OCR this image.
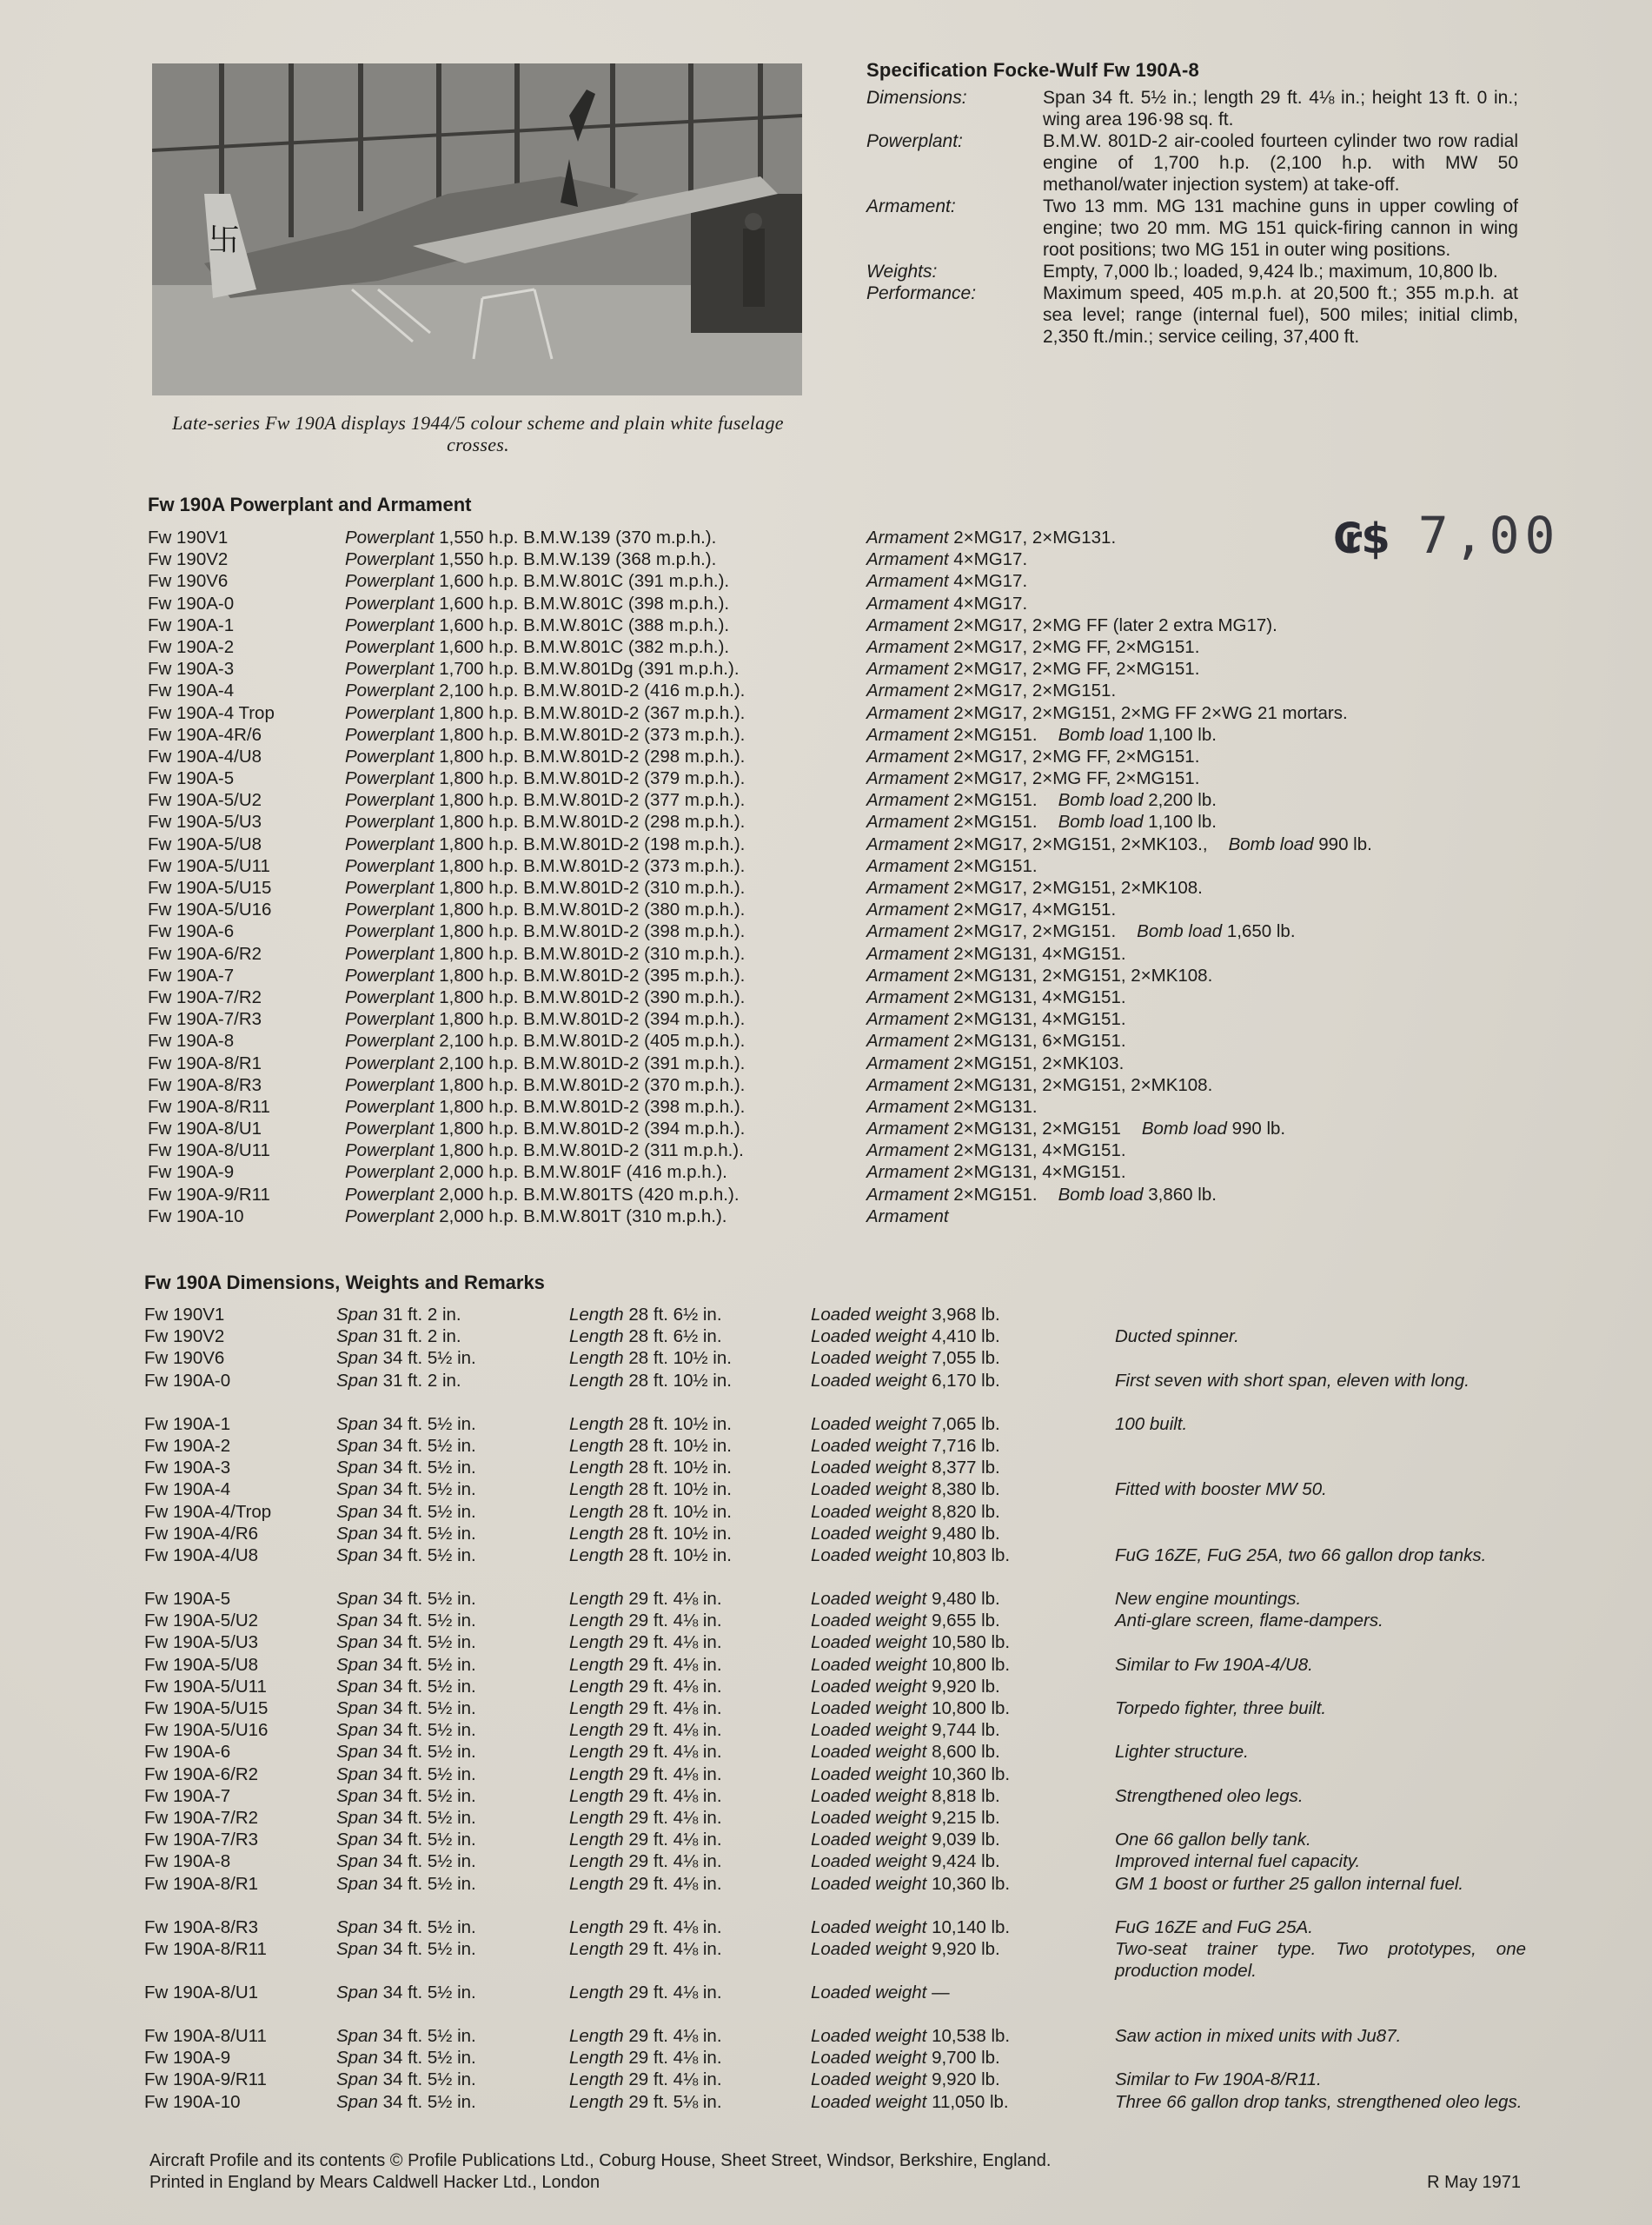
卐
Late-series Fw 190A displays 1944/5 colour scheme and plain white fuselage crosses.
Specification Focke-Wulf Fw 190A-8
Dimensions:	Span 34 ft. 5½ in.; length 29 ft. 4⅛ in.; height 13 ft. 0 in.; wing area 196·98 sq. ft.
Powerplant:	B.M.W. 801D-2 air-cooled fourteen cylinder two row radial engine of 1,700 h.p. (2,100 h.p. with MW 50 methanol/water injection system) at take-off.
Armament:	Two 13 mm. MG 131 machine guns in upper cowling of engine; two 20 mm. MG 151 quick-firing cannon in wing root positions; two MG 151 in outer wing positions.
Weights:	Empty, 7,000 lb.; loaded, 9,424 lb.; maximum, 10,800 lb.
Performance:	Maximum speed, 405 m.p.h. at 20,500 ft.; 355 m.p.h. at sea level; range (internal fuel), 500 miles; initial climb, 2,350 ft./min.; service ceiling, 37,400 ft.
₢$ 7,00
Fw 190A Powerplant and Armament
Fw 190V1	Powerplant 1,550 h.p. B.M.W.139 (370 m.p.h.).	Armament 2×MG17, 2×MG131.
Fw 190V2	Powerplant 1,550 h.p. B.M.W.139 (368 m.p.h.).	Armament 4×MG17.
Fw 190V6	Powerplant 1,600 h.p. B.M.W.801C (391 m.p.h.).	Armament 4×MG17.
Fw 190A-0	Powerplant 1,600 h.p. B.M.W.801C (398 m.p.h.).	Armament 4×MG17.
Fw 190A-1	Powerplant 1,600 h.p. B.M.W.801C (388 m.p.h.).	Armament 2×MG17, 2×MG FF (later 2 extra MG17).
Fw 190A-2	Powerplant 1,600 h.p. B.M.W.801C (382 m.p.h.).	Armament 2×MG17, 2×MG FF, 2×MG151.
Fw 190A-3	Powerplant 1,700 h.p. B.M.W.801Dg (391 m.p.h.).	Armament 2×MG17, 2×MG FF, 2×MG151.
Fw 190A-4	Powerplant 2,100 h.p. B.M.W.801D-2 (416 m.p.h.).	Armament 2×MG17, 2×MG151.
Fw 190A-4 Trop	Powerplant 1,800 h.p. B.M.W.801D-2 (367 m.p.h.).	Armament 2×MG17, 2×MG151, 2×MG FF 2×WG 21 mortars.
Fw 190A-4R/6	Powerplant 1,800 h.p. B.M.W.801D-2 (373 m.p.h.).	Armament 2×MG151. Bomb load 1,100 lb.
Fw 190A-4/U8	Powerplant 1,800 h.p. B.M.W.801D-2 (298 m.p.h.).	Armament 2×MG17, 2×MG FF, 2×MG151.
Fw 190A-5	Powerplant 1,800 h.p. B.M.W.801D-2 (379 m.p.h.).	Armament 2×MG17, 2×MG FF, 2×MG151.
Fw 190A-5/U2	Powerplant 1,800 h.p. B.M.W.801D-2 (377 m.p.h.).	Armament 2×MG151. Bomb load 2,200 lb.
Fw 190A-5/U3	Powerplant 1,800 h.p. B.M.W.801D-2 (298 m.p.h.).	Armament 2×MG151. Bomb load 1,100 lb.
Fw 190A-5/U8	Powerplant 1,800 h.p. B.M.W.801D-2 (198 m.p.h.).	Armament 2×MG17, 2×MG151, 2×MK103., Bomb load 990 lb.
Fw 190A-5/U11	Powerplant 1,800 h.p. B.M.W.801D-2 (373 m.p.h.).	Armament 2×MG151.
Fw 190A-5/U15	Powerplant 1,800 h.p. B.M.W.801D-2 (310 m.p.h.).	Armament 2×MG17, 2×MG151, 2×MK108.
Fw 190A-5/U16	Powerplant 1,800 h.p. B.M.W.801D-2 (380 m.p.h.).	Armament 2×MG17, 4×MG151.
Fw 190A-6	Powerplant 1,800 h.p. B.M.W.801D-2 (398 m.p.h.).	Armament 2×MG17, 2×MG151. Bomb load 1,650 lb.
Fw 190A-6/R2	Powerplant 1,800 h.p. B.M.W.801D-2 (310 m.p.h.).	Armament 2×MG131, 4×MG151.
Fw 190A-7	Powerplant 1,800 h.p. B.M.W.801D-2 (395 m.p.h.).	Armament 2×MG131, 2×MG151, 2×MK108.
Fw 190A-7/R2	Powerplant 1,800 h.p. B.M.W.801D-2 (390 m.p.h.).	Armament 2×MG131, 4×MG151.
Fw 190A-7/R3	Powerplant 1,800 h.p. B.M.W.801D-2 (394 m.p.h.).	Armament 2×MG131, 4×MG151.
Fw 190A-8	Powerplant 2,100 h.p. B.M.W.801D-2 (405 m.p.h.).	Armament 2×MG131, 6×MG151.
Fw 190A-8/R1	Powerplant 2,100 h.p. B.M.W.801D-2 (391 m.p.h.).	Armament 2×MG151, 2×MK103.
Fw 190A-8/R3	Powerplant 1,800 h.p. B.M.W.801D-2 (370 m.p.h.).	Armament 2×MG131, 2×MG151, 2×MK108.
Fw 190A-8/R11	Powerplant 1,800 h.p. B.M.W.801D-2 (398 m.p.h.).	Armament 2×MG131.
Fw 190A-8/U1	Powerplant 1,800 h.p. B.M.W.801D-2 (394 m.p.h.).	Armament 2×MG131, 2×MG151 Bomb load 990 lb.
Fw 190A-8/U11	Powerplant 1,800 h.p. B.M.W.801D-2 (311 m.p.h.).	Armament 2×MG131, 4×MG151.
Fw 190A-9	Powerplant 2,000 h.p. B.M.W.801F (416 m.p.h.).	Armament 2×MG131, 4×MG151.
Fw 190A-9/R11	Powerplant 2,000 h.p. B.M.W.801TS (420 m.p.h.).	Armament 2×MG151. Bomb load 3,860 lb.
Fw 190A-10	Powerplant 2,000 h.p. B.M.W.801T (310 m.p.h.).	Armament
Fw 190A Dimensions, Weights and Remarks
Fw 190V1	Span 31 ft. 2 in.	Length 28 ft. 6½ in.	Loaded weight 3,968 lb.
Fw 190V2	Span 31 ft. 2 in.	Length 28 ft. 6½ in.	Loaded weight 4,410 lb.	Ducted spinner.
Fw 190V6	Span 34 ft. 5½ in.	Length 28 ft. 10½ in.	Loaded weight 7,055 lb.
Fw 190A-0	Span 31 ft. 2 in.	Length 28 ft. 10½ in.	Loaded weight 6,170 lb.	First seven with short span, eleven with long.
Fw 190A-1	Span 34 ft. 5½ in.	Length 28 ft. 10½ in.	Loaded weight 7,065 lb.	100 built.
Fw 190A-2	Span 34 ft. 5½ in.	Length 28 ft. 10½ in.	Loaded weight 7,716 lb.
Fw 190A-3	Span 34 ft. 5½ in.	Length 28 ft. 10½ in.	Loaded weight 8,377 lb.
Fw 190A-4	Span 34 ft. 5½ in.	Length 28 ft. 10½ in.	Loaded weight 8,380 lb.	Fitted with booster MW 50.
Fw 190A-4/Trop	Span 34 ft. 5½ in.	Length 28 ft. 10½ in.	Loaded weight 8,820 lb.
Fw 190A-4/R6	Span 34 ft. 5½ in.	Length 28 ft. 10½ in.	Loaded weight 9,480 lb.
Fw 190A-4/U8	Span 34 ft. 5½ in.	Length 28 ft. 10½ in.	Loaded weight 10,803 lb.	FuG 16ZE, FuG 25A, two 66 gallon drop tanks.
Fw 190A-5	Span 34 ft. 5½ in.	Length 29 ft. 4⅛ in.	Loaded weight 9,480 lb.	New engine mountings.
Fw 190A-5/U2	Span 34 ft. 5½ in.	Length 29 ft. 4⅛ in.	Loaded weight 9,655 lb.	Anti-glare screen, flame-dampers.
Fw 190A-5/U3	Span 34 ft. 5½ in.	Length 29 ft. 4⅛ in.	Loaded weight 10,580 lb.
Fw 190A-5/U8	Span 34 ft. 5½ in.	Length 29 ft. 4⅛ in.	Loaded weight 10,800 lb.	Similar to Fw 190A-4/U8.
Fw 190A-5/U11	Span 34 ft. 5½ in.	Length 29 ft. 4⅛ in.	Loaded weight 9,920 lb.
Fw 190A-5/U15	Span 34 ft. 5½ in.	Length 29 ft. 4⅛ in.	Loaded weight 10,800 lb.	Torpedo fighter, three built.
Fw 190A-5/U16	Span 34 ft. 5½ in.	Length 29 ft. 4⅛ in.	Loaded weight 9,744 lb.
Fw 190A-6	Span 34 ft. 5½ in.	Length 29 ft. 4⅛ in.	Loaded weight 8,600 lb.	Lighter structure.
Fw 190A-6/R2	Span 34 ft. 5½ in.	Length 29 ft. 4⅛ in.	Loaded weight 10,360 lb.
Fw 190A-7	Span 34 ft. 5½ in.	Length 29 ft. 4⅛ in.	Loaded weight 8,818 lb.	Strengthened oleo legs.
Fw 190A-7/R2	Span 34 ft. 5½ in.	Length 29 ft. 4⅛ in.	Loaded weight 9,215 lb.
Fw 190A-7/R3	Span 34 ft. 5½ in.	Length 29 ft. 4⅛ in.	Loaded weight 9,039 lb.	One 66 gallon belly tank.
Fw 190A-8	Span 34 ft. 5½ in.	Length 29 ft. 4⅛ in.	Loaded weight 9,424 lb.	Improved internal fuel capacity.
Fw 190A-8/R1	Span 34 ft. 5½ in.	Length 29 ft. 4⅛ in.	Loaded weight 10,360 lb.	GM 1 boost or further 25 gallon internal fuel.
Fw 190A-8/R3	Span 34 ft. 5½ in.	Length 29 ft. 4⅛ in.	Loaded weight 10,140 lb.	FuG 16ZE and FuG 25A.
Fw 190A-8/R11	Span 34 ft. 5½ in.	Length 29 ft. 4⅛ in.	Loaded weight 9,920 lb.	Two-seat trainer type. Two prototypes, one production model.
Fw 190A-8/U1	Span 34 ft. 5½ in.	Length 29 ft. 4⅛ in.	Loaded weight —
Fw 190A-8/U11	Span 34 ft. 5½ in.	Length 29 ft. 4⅛ in.	Loaded weight 10,538 lb.	Saw action in mixed units with Ju87.
Fw 190A-9	Span 34 ft. 5½ in.	Length 29 ft. 4⅛ in.	Loaded weight 9,700 lb.
Fw 190A-9/R11	Span 34 ft. 5½ in.	Length 29 ft. 4⅛ in.	Loaded weight 9,920 lb.	Similar to Fw 190A-8/R11.
Fw 190A-10	Span 34 ft. 5½ in.	Length 29 ft. 5⅛ in.	Loaded weight 11,050 lb.	Three 66 gallon drop tanks, strengthened oleo legs.
Aircraft Profile and its contents © Profile Publications Ltd., Coburg House, Sheet Street, Windsor, Berkshire, England.
Printed in England by Mears Caldwell Hacker Ltd., London	R May 1971
